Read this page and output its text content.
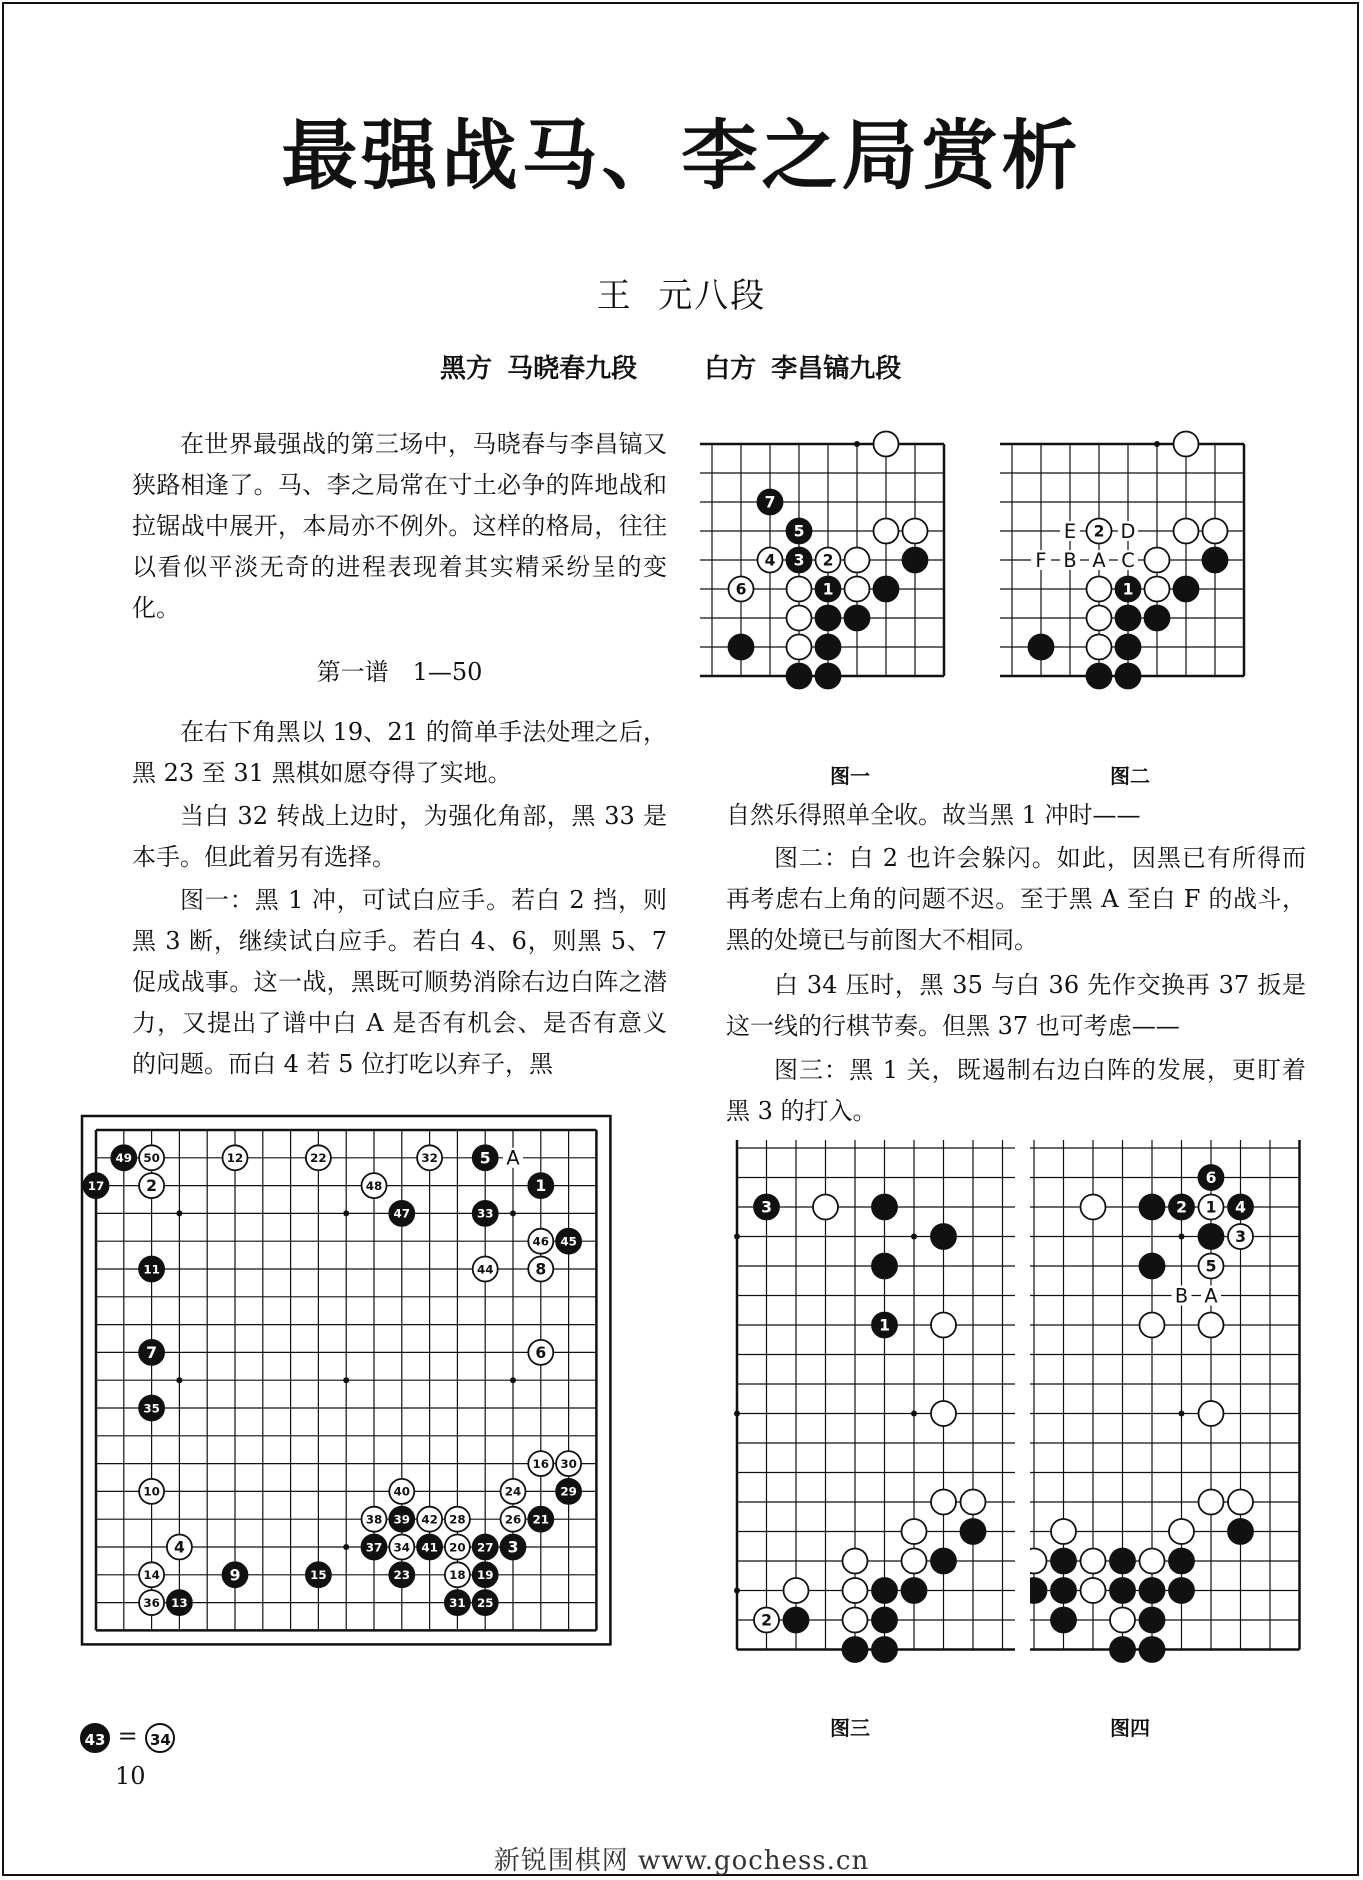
最强战马、李之局赏析
王  元八段
黑方 马晓春九段	白方 李昌镐九段

在世界最强战的第三场中，马晓春与李昌镐又狭路相逢了。马、李之局常在寸土必争的阵地战和拉锯战中展开，本局亦不例外。这样的格局，往往以看似平淡无奇的进程表现着其实精采纷呈的变化。

第一谱　1—50

在右下角黑以 19、21 的简单手法处理之后，黑 23 至 31 黑棋如愿夺得了实地。

当白 32 转战上边时，为强化角部，黑 33 是本手。但此着另有选择。

图一：黑 1 冲，可试白应手。若白 2 挡，则黑 3 断，继续试白应手。若白 4、6，则黑 5、7 促成战事。这一战，黑既可顺势消除右边白阵之潜力，又提出了谱中白 A 是否有机会、是否有意义的问题。而白 4 若 5 位打吃以弃子，黑

7
5
4 3 2
6	1
E D
F B A C
2
1
图一	图二

自然乐得照单全收。故当黑 1 冲时——

图二：白 2 也许会躲闪。如此，因黑已有所得而再考虑右上角的问题不迟。至于黑 A 至白 F 的战斗，黑的处境已与前图大不相同。

白 34 压时，黑 35 与白 36 先作交换再 37 扳是这一线的行棋节奏。但黑 37 也可考虑——

图三：黑 1 关，既遏制右边白阵的发展，更盯着黑 3 的打入。

A
49 50	12	22	32	5
17	2	48	1
47	33
46 45
11	44	8
7	6
35
16 30
10	40	24	29
38 39 42 28	26 21
4	37 34 41 20 27 3
14	9	15	23	18 19
36 13	31 25
3
1
2
B A
6
2 1 4
3
5
图三	图四
43 = 34
10
新锐围棋网 www.gochess.cn
